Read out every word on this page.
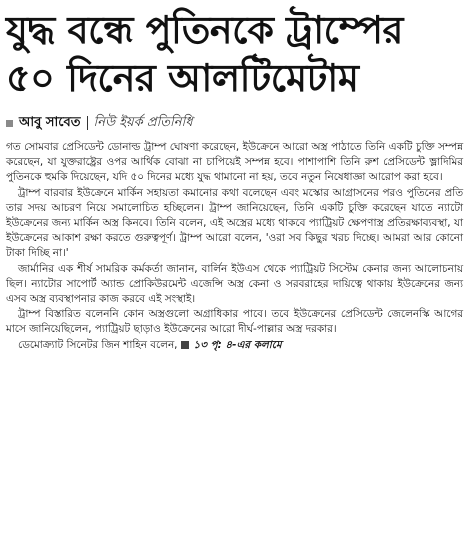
যুদ্ধ বন্ধে পুতিনকে ট্রাম্পের
৫০ দিনের আলটিমেটাম
আবু সাবেত নিউ ইয়র্ক প্রতিনিধি

গত সোমবার প্রেসিডেন্ট ডোনাল্ড ট্রাম্প ঘোষণা করেছেন, ইউক্রেনে আরো অস্ত্র পাঠাতে তিনি একটি চুক্তি সম্পন্ন করেছেন, যা যুক্তরাষ্ট্রের ওপর আর্থিক বোঝা না চাপিয়েই সম্পন্ন হবে। পাশাপাশি তিনি রুশ প্রেসিডেন্ট ভ্লাদিমির পুতিনকে হুমকি দিয়েছেন, যদি ৫০ দিনের মধ্যে যুদ্ধ থামানো না হয়, তবে নতুন নিষেধাজ্ঞা আরোপ করা হবে।

ট্রাম্প বারবার ইউক্রেনে মার্কিন সহায়তা কমানোর কথা বলেছেন এবং মস্কোর আগ্রাসনের পরও পুতিনের প্রতি তার সদয় আচরণ নিয়ে সমালোচিত হচ্ছিলেন। ট্রাম্প জানিয়েছেন, তিনি একটি চুক্তি করেছেন যাতে ন্যাটো ইউক্রেনের জন্য মার্কিন অস্ত্র কিনবে। তিনি বলেন, এই অস্ত্রের মধ্যে থাকবে প্যাট্রিয়ট ক্ষেপণাস্ত্র প্রতিরক্ষাব্যবস্থা, যা ইউক্রেনের আকাশ রক্ষা করতে গুরুত্বপূর্ণ। ট্রাম্প আরো বলেন, 'ওরা সব কিছুর খরচ দিচ্ছে। আমরা আর কোনো টাকা দিচ্ছি না।'

জার্মানির এক শীর্ষ সামরিক কর্মকর্তা জানান, বার্লিন ইউএস থেকে প্যাট্রিয়ট সিস্টেম কেনার জন্য আলোচনায় ছিল। ন্যাটোর সাপোর্ট অ্যান্ড প্রোকিউরমেন্ট এজেন্সি অস্ত্র কেনা ও সরবরাহের দায়িত্বে থাকায় ইউক্রেনের জন্য এসব অস্ত্র ব্যবস্থাপনার কাজ করবে এই সংস্থাই।

ট্রাম্প বিস্তারিত বলেননি কোন অস্ত্রগুলো অগ্রাধিকার পাবে। তবে ইউক্রেনের প্রেসিডেন্ট জেলেনস্কি আগের মাসে জানিয়েছিলেন, প্যাট্রিয়ট ছাড়াও ইউক্রেনের আরো দীর্ঘ-পাল্লার অস্ত্র দরকার।

ডেমোক্র্যাট সিনেটর জিন শাহিন বলেন, ১৩ পৃ: ৪-এর কলামে
